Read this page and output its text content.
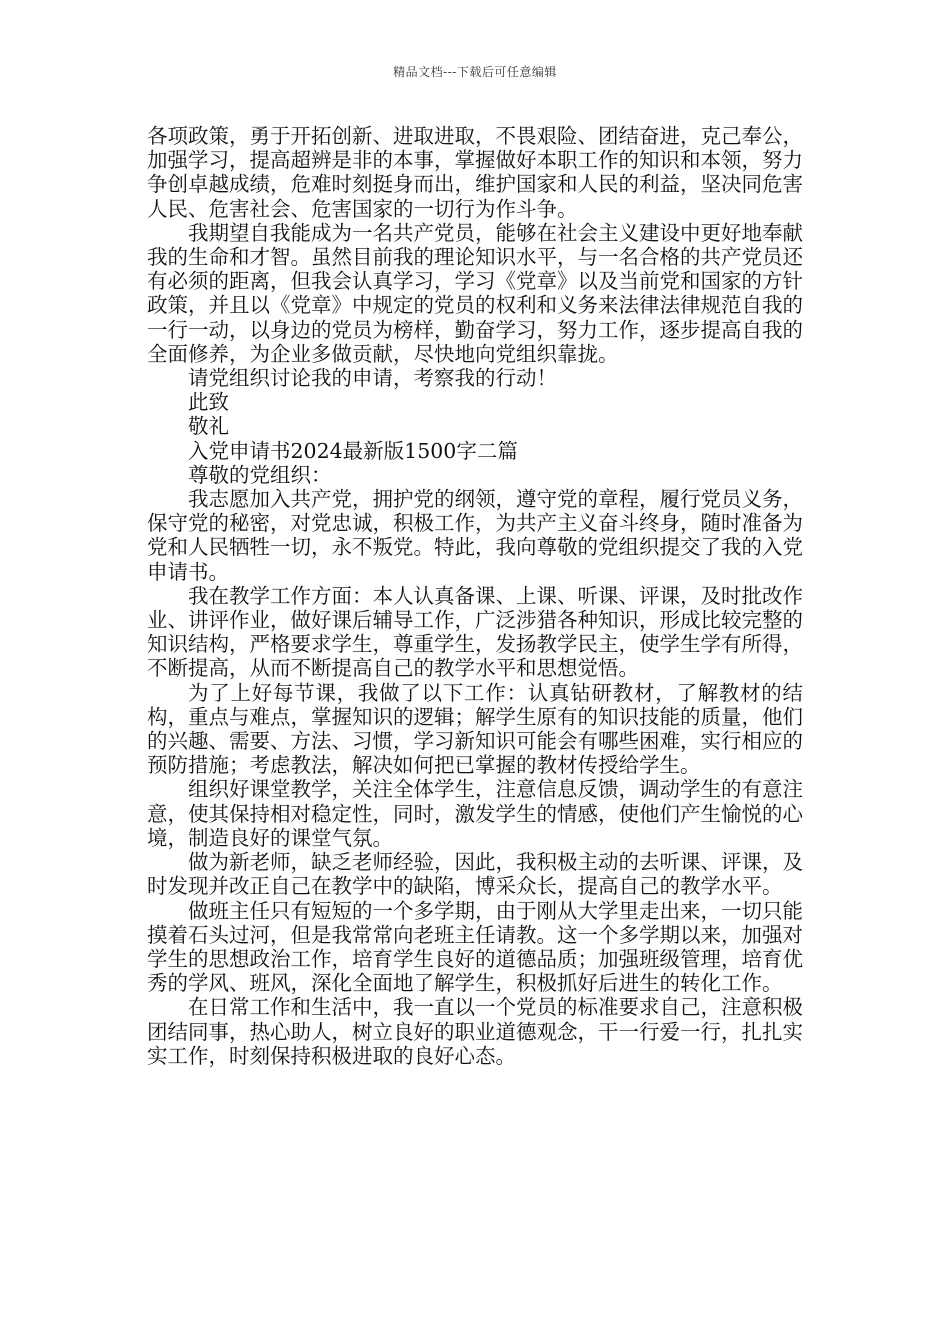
精品文档---下载后可任意编辑

各项政策，勇于开拓创新、进取进取，不畏艰险、团结奋进，克己奉公，加强学习，提高超辨是非的本事，掌握做好本职工作的知识和本领，努力争创卓越成绩，危难时刻挺身而出，维护国家和人民的利益，坚决同危害人民、危害社会、危害国家的一切行为作斗争。

我期望自我能成为一名共产党员，能够在社会主义建设中更好地奉献我的生命和才智。虽然目前我的理论知识水平，与一名合格的共产党员还有必须的距离，但我会认真学习，学习《党章》以及当前党和国家的方针政策，并且以《党章》中规定的党员的权利和义务来法律法律规范自我的一行一动，以身边的党员为榜样，勤奋学习，努力工作，逐步提高自我的全面修养，为企业多做贡献，尽快地向党组织靠拢。

请党组织讨论我的申请，考察我的行动！

此致

敬礼

入党申请书2024最新版1500字二篇

尊敬的党组织：

我志愿加入共产党，拥护党的纲领，遵守党的章程，履行党员义务，保守党的秘密，对党忠诚，积极工作，为共产主义奋斗终身，随时准备为党和人民牺牲一切，永不叛党。特此，我向尊敬的党组织提交了我的入党申请书。

我在教学工作方面：本人认真备课、上课、听课、评课，及时批改作业、讲评作业，做好课后辅导工作，广泛涉猎各种知识，形成比较完整的知识结构，严格要求学生，尊重学生，发扬教学民主，使学生学有所得，不断提高，从而不断提高自己的教学水平和思想觉悟。

为了上好每节课，我做了以下工作：认真钻研教材，了解教材的结构，重点与难点，掌握知识的逻辑；解学生原有的知识技能的质量，他们的兴趣、需要、方法、习惯，学习新知识可能会有哪些困难，实行相应的预防措施；考虑教法，解决如何把已掌握的教材传授给学生。

组织好课堂教学，关注全体学生，注意信息反馈，调动学生的有意注意，使其保持相对稳定性，同时，激发学生的情感，使他们产生愉悦的心境，制造良好的课堂气氛。

做为新老师，缺乏老师经验，因此，我积极主动的去听课、评课，及时发现并改正自己在教学中的缺陷，博采众长，提高自己的教学水平。

做班主任只有短短的一个多学期，由于刚从大学里走出来，一切只能摸着石头过河，但是我常常向老班主任请教。这一个多学期以来，加强对学生的思想政治工作，培育学生良好的道德品质；加强班级管理，培育优秀的学风、班风，深化全面地了解学生，积极抓好后进生的转化工作。

在日常工作和生活中，我一直以一个党员的标准要求自己，注意积极团结同事，热心助人，树立良好的职业道德观念，干一行爱一行，扎扎实实工作，时刻保持积极进取的良好心态。
